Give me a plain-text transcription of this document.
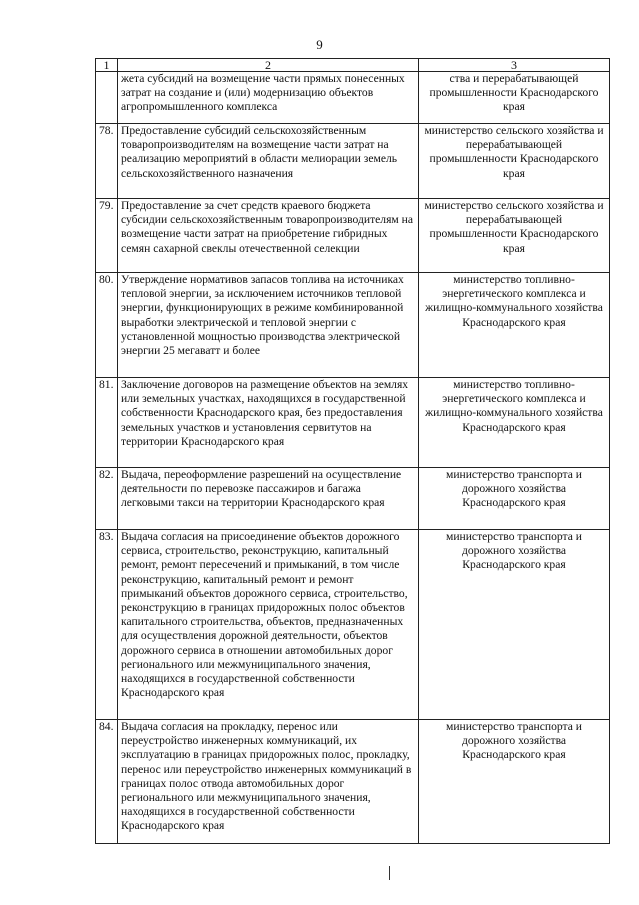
9
1	2	3
	жета субсидий на возмещение части прямых понесенных затрат на создание и (или) модернизацию объектов агропромышленного комплекса	ства и перерабатывающей промышленности Краснодарского края
78.	Предоставление субсидий сельскохозяйственным товаропроизводителям на возмещение части затрат на реализацию мероприятий в области мелиорации земель сельскохозяйственного назначения	министерство сельского хозяйства и перерабатывающей промышленности Краснодарского края
79.	Предоставление за счет средств краевого бюджета субсидии сельскохозяйственным товаропроизводителям на возмещение части затрат на приобретение гибридных семян сахарной свеклы отечественной селекции	министерство сельского хозяйства и перерабатывающей промышленности Краснодарского края
80.	Утверждение нормативов запасов топлива на источниках тепловой энергии, за исключением источников тепловой энергии, функционирующих в режиме комбинированной выработки электрической и тепловой энергии с установленной мощностью производства электрической энергии 25 мегаватт и более	министерство топливно-энергетического комплекса и жилищно-коммунального хозяйства Краснодарского края
81.	Заключение договоров на размещение объектов на землях или земельных участках, находящихся в государственной собственности Краснодарского края, без предоставления земельных участков и установления сервитутов на территории Краснодарского края	министерство топливно-энергетического комплекса и жилищно-коммунального хозяйства Краснодарского края
82.	Выдача, переоформление разрешений на осуществление деятельности по перевозке пассажиров и багажа легковыми такси на территории Краснодарского края	министерство транспорта и дорожного хозяйства Краснодарского края
83.	Выдача согласия на присоединение объектов дорожного сервиса, строительство, реконструкцию, капитальный ремонт, ремонт пересечений и примыканий, в том числе реконструкцию, капитальный ремонт и ремонт примыканий объектов дорожного сервиса, строительство, реконструкцию в границах придорожных полос объектов капитального строительства, объектов, предназначенных для осуществления дорожной деятельности, объектов дорожного сервиса в отношении автомобильных дорог регионального или межмуниципального значения, находящихся в государственной собственности Краснодарского края	министерство транспорта и дорожного хозяйства Краснодарского края
84.	Выдача согласия на прокладку, перенос или переустройство инженерных коммуникаций, их эксплуатацию в границах придорожных полос, прокладку, перенос или переустройство инженерных коммуникаций в границах полос отвода автомобильных дорог регионального или межмуниципального значения, находящихся в государственной собственности Краснодарского края	министерство транспорта и дорожного хозяйства Краснодарского края
